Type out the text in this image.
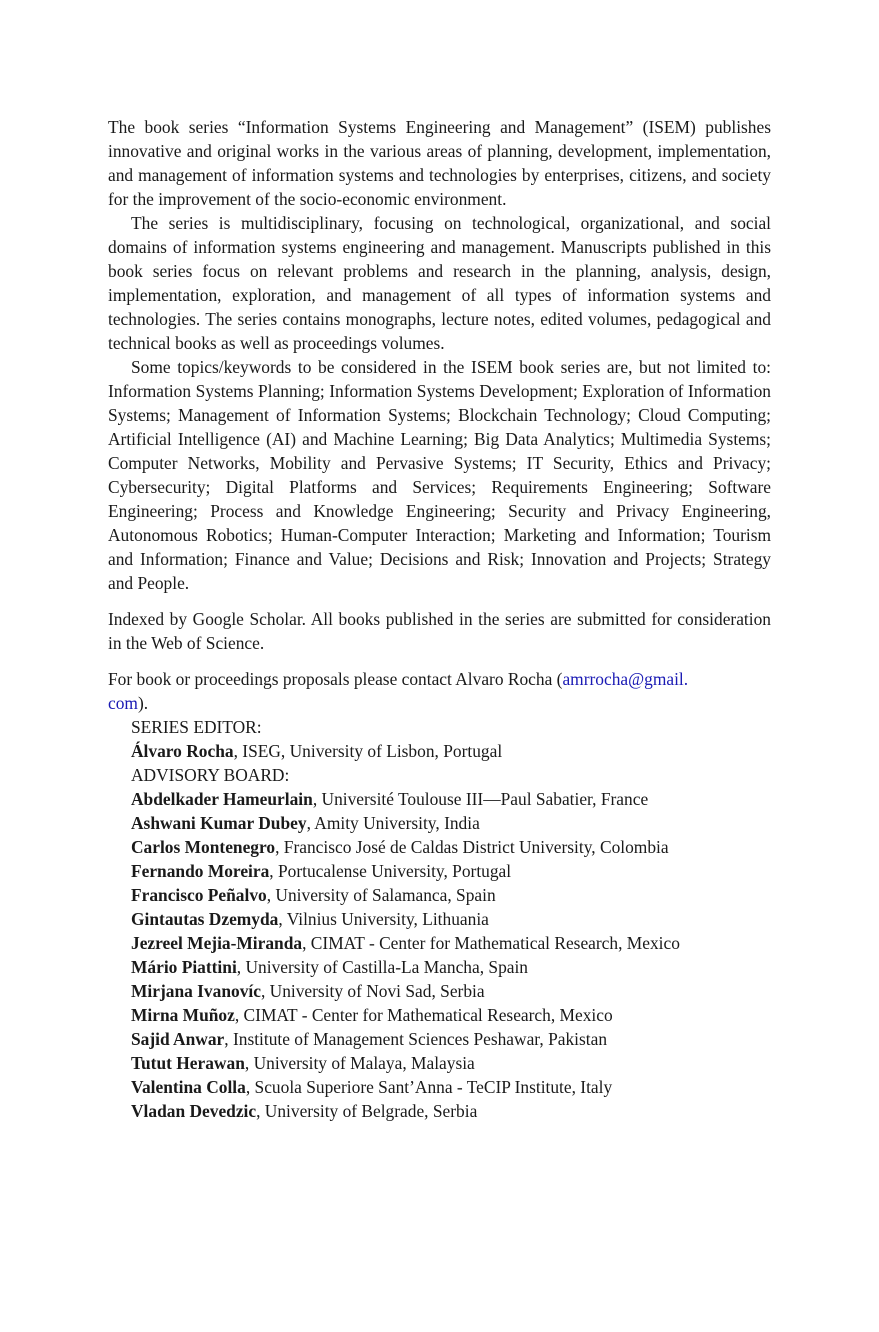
The book series “Information Systems Engineering and Management” (ISEM) publishes innovative and original works in the various areas of planning, development, implementation, and management of information systems and technologies by enterprises, citizens, and society for the improvement of the socio-economic environment.

The series is multidisciplinary, focusing on technological, organizational, and social domains of information systems engineering and management. Manuscripts published in this book series focus on relevant problems and research in the planning, analysis, design, implementation, exploration, and management of all types of information systems and technologies. The series contains monographs, lecture notes, edited volumes, pedagogical and technical books as well as proceedings volumes.

Some topics/keywords to be considered in the ISEM book series are, but not limited to: Information Systems Planning; Information Systems Development; Exploration of Information Systems; Management of Information Systems; Blockchain Technology; Cloud Computing; Artificial Intelligence (AI) and Machine Learning; Big Data Analytics; Multimedia Systems; Computer Networks, Mobility and Pervasive Systems; IT Security, Ethics and Privacy; Cybersecurity; Digital Platforms and Services; Requirements Engineering; Software Engineering; Process and Knowledge Engineering; Security and Privacy Engineering, Autonomous Robotics; Human-Computer Interaction; Marketing and Information; Tourism and Information; Finance and Value; Decisions and Risk; Innovation and Projects; Strategy and People.

Indexed by Google Scholar. All books published in the series are submitted for consideration in the Web of Science.

For book or proceedings proposals please contact Alvaro Rocha (amrrocha@gmail.
com).

SERIES EDITOR:
Álvaro Rocha, ISEG, University of Lisbon, Portugal
ADVISORY BOARD:
Abdelkader Hameurlain, Université Toulouse III—Paul Sabatier, France
Ashwani Kumar Dubey, Amity University, India
Carlos Montenegro, Francisco José de Caldas District University, Colombia
Fernando Moreira, Portucalense University, Portugal
Francisco Peñalvo, University of Salamanca, Spain
Gintautas Dzemyda, Vilnius University, Lithuania
Jezreel Mejia-Miranda, CIMAT - Center for Mathematical Research, Mexico
Mário Piattini, University of Castilla-La Mancha, Spain
Mirjana Ivanovíc, University of Novi Sad, Serbia
Mirna Muñoz, CIMAT - Center for Mathematical Research, Mexico
Sajid Anwar, Institute of Management Sciences Peshawar, Pakistan
Tutut Herawan, University of Malaya, Malaysia
Valentina Colla, Scuola Superiore Sant’Anna - TeCIP Institute, Italy
Vladan Devedzic, University of Belgrade, Serbia
